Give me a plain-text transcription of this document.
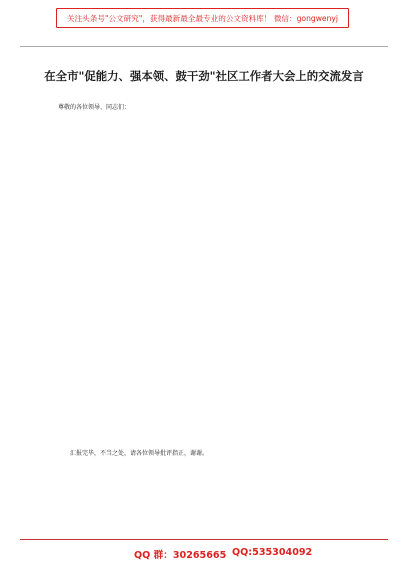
关注头条号"公文研究"，获得最新最全最专业的公文资料库！ 微信：gongwenyj
在全市"促能力、强本领、鼓干劲"社区工作者大会上的交流发言
尊敬的各位领导、同志们：
汇报完毕，不当之处，请各位领导批评指正，谢谢。
QQ 群：30265665 QQ:535304092
